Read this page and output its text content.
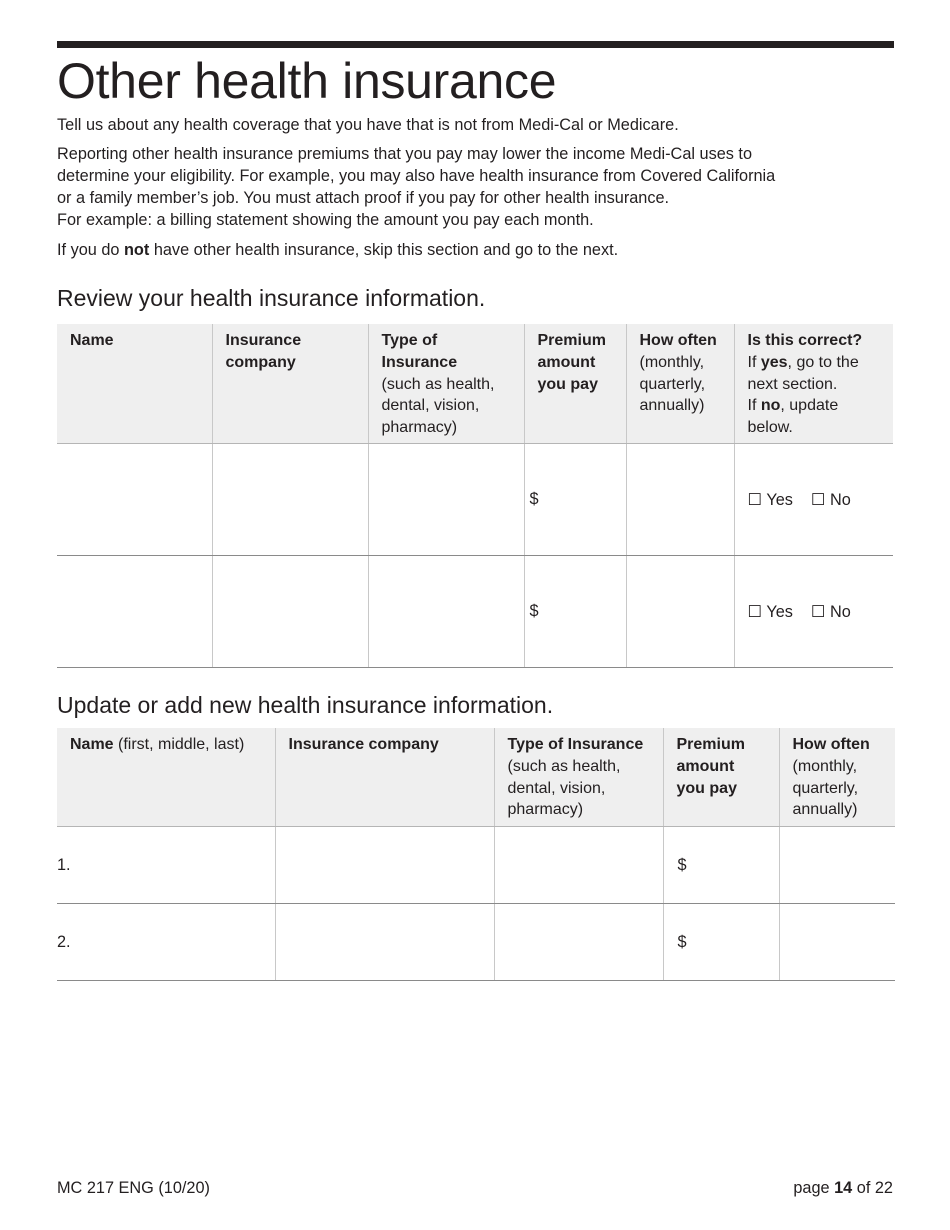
Other health insurance

Tell us about any health coverage that you have that is not from Medi-Cal or Medicare.

Reporting other health insurance premiums that you pay may lower the income Medi-Cal uses to
determine your eligibility. For example, you may also have health insurance from Covered California
or a family member’s job. You must attach proof if you pay for other health insurance.
For example: a billing statement showing the amount you pay each month.

If you do not have other health insurance, skip this section and go to the next.

Review your health insurance information.
Name	Insurance
company	Type of
Insurance
(such as health,
dental, vision,
pharmacy)	Premium
amount
you pay	How often
(monthly,
quarterly,
annually)	Is this correct?
If yes, go to the
next section.
If no, update
below.
			$		☐ Yes ☐ No
			$		☐ Yes ☐ No
Update or add new health insurance information.
Name (first, middle, last)	Insurance company	Type of Insurance
(such as health,
dental, vision,
pharmacy)	Premium
amount
you pay	How often
(monthly,
quarterly,
annually)
1.			$	
2.			$	
MC 217 ENG (10/20)	page 14 of 22
